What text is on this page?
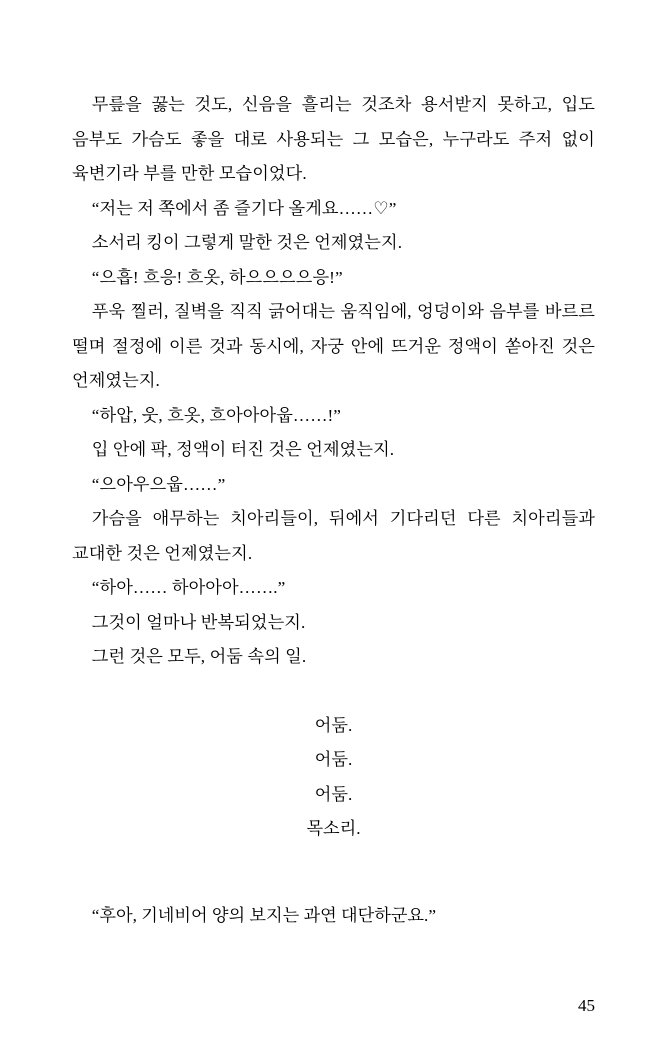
무릎을 꿇는 것도, 신음을 흘리는 것조차 용서받지 못하고, 입도 음부도 가슴도 좋을 대로 사용되는 그 모습은, 누구라도 주저 없이 육변기라 부를 만한 모습이었다.

“저는 저 쪽에서 좀 즐기다 올게요……♡”

소서리 킹이 그렇게 말한 것은 언제였는지.

“으흡! 흐응! 흐옷, 하으으으으응!”

푸욱 찔러, 질벽을 직직 긁어대는 움직임에, 엉덩이와 음부를 바르르 떨며 절정에 이른 것과 동시에, 자궁 안에 뜨거운 정액이 쏟아진 것은 언제였는지.

“하압, 웃, 흐옷, 흐아아아웁……!”

입 안에 팍, 정액이 터진 것은 언제였는지.

“으아우으웁……”

가슴을 애무하는 치아리들이, 뒤에서 기다리던 다른 치아리들과 교대한 것은 언제였는지.

“하아…… 하아아아…….”

그것이 얼마나 반복되었는지.

그런 것은 모두, 어둠 속의 일.

어둠.
어둠.
어둠.
목소리.

“후아, 기네비어 양의 보지는 과연 대단하군요.”

45
